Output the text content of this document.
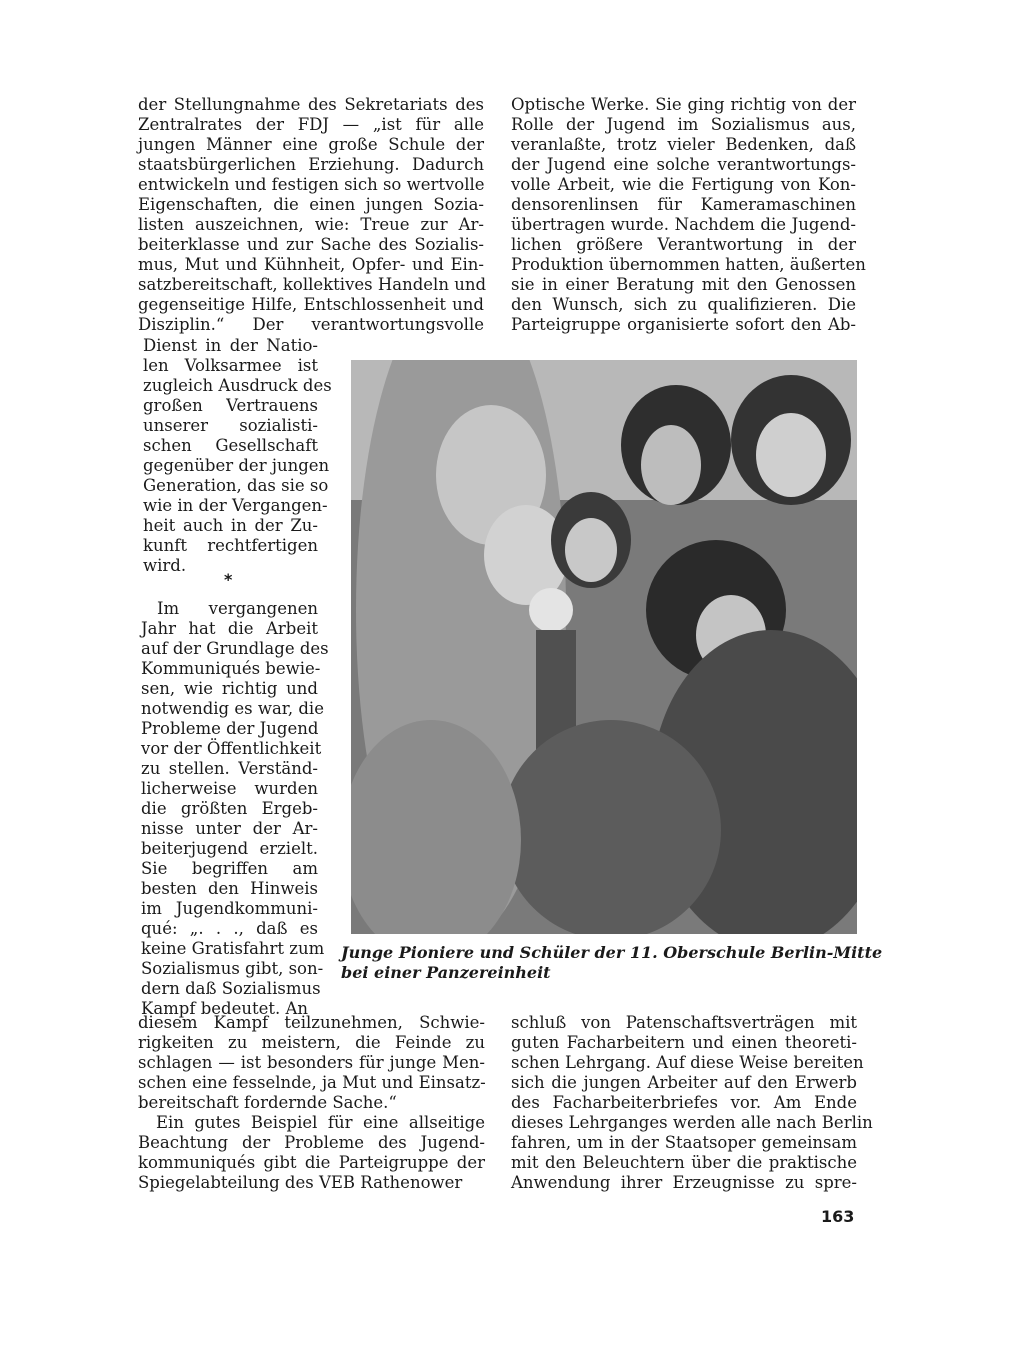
der Stellungnahme des Sekretariats des
Zentralrates der FDJ — „ist für alle
jungen Männer eine große Schule der
staatsbürgerlichen Erziehung. Dadurch
entwickeln und festigen sich so wertvolle
Eigenschaften, die einen jungen Sozia-
listen auszeichnen, wie: Treue zur Ar-
beiterklasse und zur Sache des Sozialis-
mus, Mut und Kühnheit, Opfer- und Ein-
satzbereitschaft, kollektives Handeln und
gegenseitige Hilfe, Entschlossenheit und
Disziplin.“ Der verantwortungsvolle
Dienst in der Natio-
len Volksarmee ist
zugleich Ausdruck des
großen Vertrauens
unserer sozialisti-
schen Gesellschaft
gegenüber der jungen
Generation, das sie so
wie in der Vergangen-
heit auch in der Zu-
kunft rechtfertigen
wird.
*
Im vergangenen
Jahr hat die Arbeit
auf der Grundlage des
Kommuniqués bewie-
sen, wie richtig und
notwendig es war, die
Probleme der Jugend
vor der Öffentlichkeit
zu stellen. Verständ-
licherweise wurden
die größten Ergeb-
nisse unter der Ar-
beiterjugend erzielt.
Sie begriffen am
besten den Hinweis
im Jugendkommuni-
qué: „. . ., daß es
keine Gratisfahrt zum
Sozialismus gibt, son-
dern daß Sozialismus
Kampf bedeutet. An
diesem Kampf teilzunehmen, Schwie-
rigkeiten zu meistern, die Feinde zu
schlagen — ist besonders für junge Men-
schen eine fesselnde, ja Mut und Einsatz-
bereitschaft fordernde Sache.“
Ein gutes Beispiel für eine allseitige
Beachtung der Probleme des Jugend-
kommuniqués gibt die Parteigruppe der
Spiegelabteilung des VEB Rathenower
Optische Werke. Sie ging richtig von der
Rolle der Jugend im Sozialismus aus,
veranlaßte, trotz vieler Bedenken, daß
der Jugend eine solche verantwortungs-
volle Arbeit, wie die Fertigung von Kon-
densorenlinsen für Kameramaschinen
übertragen wurde. Nachdem die Jugend-
lichen größere Verantwortung in der
Produktion übernommen hatten, äußerten
sie in einer Beratung mit den Genossen
den Wunsch, sich zu qualifizieren. Die
Parteigruppe organisierte sofort den Ab-
Junge Pioniere und Schüler der 11. Oberschule Berlin-Mitte
bei einer Panzereinheit
schluß von Patenschaftsverträgen mit
guten Facharbeitern und einen theoreti-
schen Lehrgang. Auf diese Weise bereiten
sich die jungen Arbeiter auf den Erwerb
des Facharbeiterbriefes vor. Am Ende
dieses Lehrganges werden alle nach Berlin
fahren, um in der Staatsoper gemeinsam
mit den Beleuchtern über die praktische
Anwendung ihrer Erzeugnisse zu spre-
163
